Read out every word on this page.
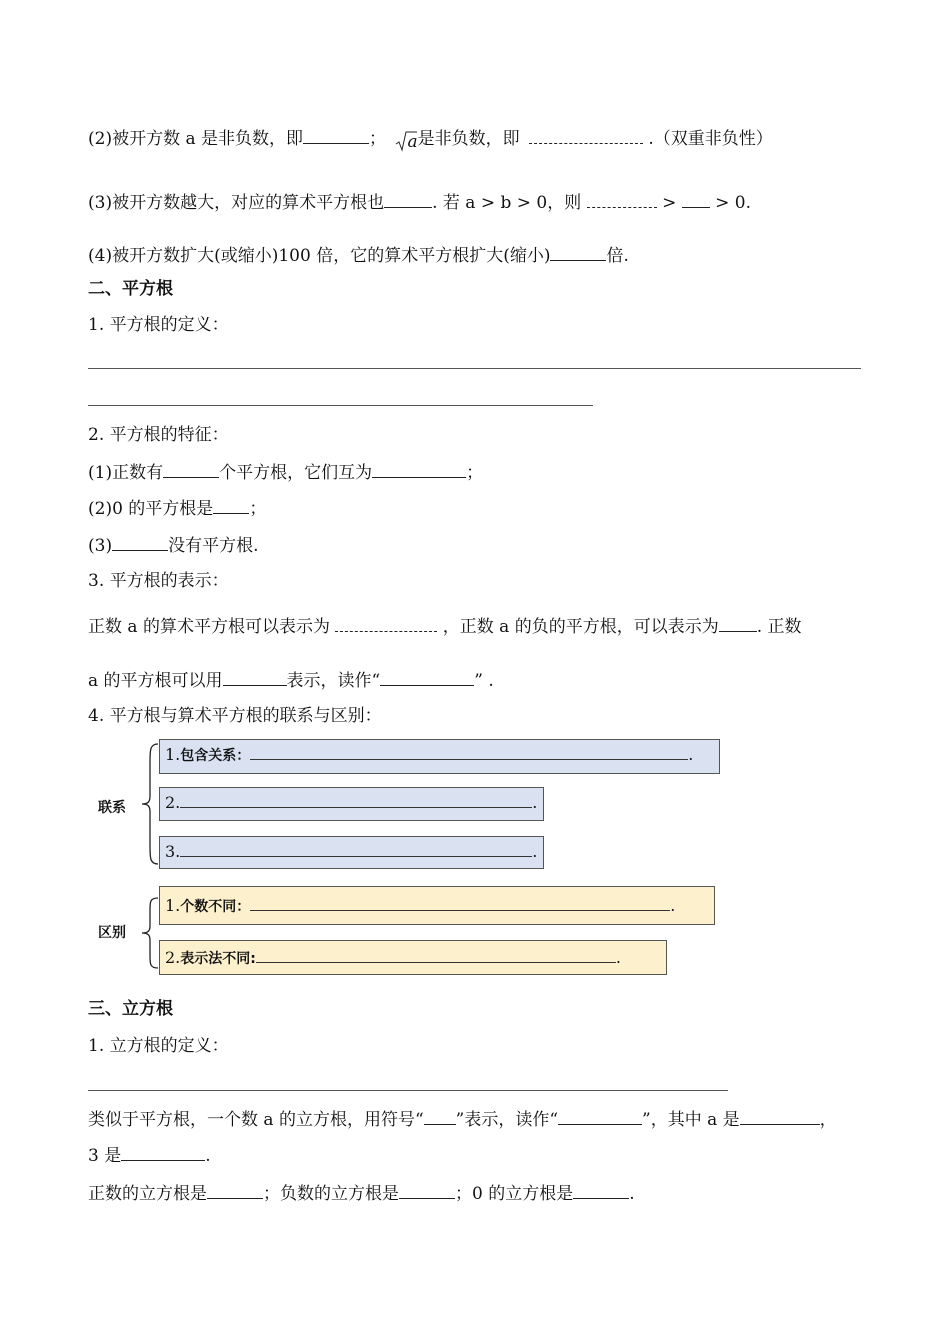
(2)被开方数 a 是非负数，即	； a是非负数，即	.（双重非负性）
(3)被开方数越大，对应的算术平方根也	. 若 a > b > 0，则	> > 0.
(4)被开方数扩大(或缩小)100 倍，它的算术平方根扩大(缩小)	倍.
二、平方根
1. 平方根的定义：
2. 平方根的特征：
(1)正数有	个平方根，它们互为	；
(2)0 的平方根是 ；
(3)	没有平方根.
3. 平方根的表示：
正数 a 的算术平方根可以表示为	，正数 a 的负的平方根，可以表示为 . 正数
a 的平方根可以用	表示，读作“	” .
4. 平方根与算术平方根的联系与区别：
联系
1.包含关系：	.
2.	.
3.	.
区别
1.个数不同：	.
2.表示法不同:	.
三、立方根
1. 立方根的定义：
类似于平方根，一个数 a 的立方根，用符号“ ”表示，读作“	”，其中 a 是	，
3 是	.
正数的立方根是	；负数的立方根是	；0 的立方根是	.
